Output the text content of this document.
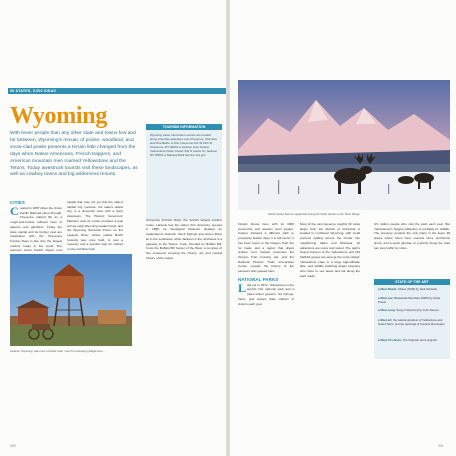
50 STATES, 5,000 IDEAS
Wyoming
With fewer people than any other state and towns few and far between, Wyoming's mosaic of prairie, woodland, and snow-clad peaks presents a terrain little changed from the days when Native Americans, French trappers, and American mountain men roamed Yellowstone and the Tetons. Today awestruck tourists visit these landscapes, as well as cowboy towns and big wilderness resorts.
TOURISM INFORMATION
Wyoming visitor information centers are located along interstate gateways near Cheyenne, Sheridan, and Pine Bluffs. ● Visit Cheyenne 121 W 15th St, Cheyenne, WY 82001 ● Jackson Hole Greater Yellowstone Visitor Center 532 N Cache St, Jackson, WY 83001 ● National Park Service nps.gov
CITIES
C reated in 1867 when the Union Pacific Railroad came through, Cheyenne started life as a rough-and-tumble railroad town of saloons and gamblers. Today the state capital and its frontier past are celebrated with the Cheyenne Frontier Days in late July, the largest outdoor rodeo in the world. The restored Union Pacific Depot now
capital that may not yet visit the state's capital city. Laramie, the state's oldest city, is a university town with a lively downtown. The Historic Governors' Mansion near its center provides a look at how early Wyoming leaders lived, and the Wyoming Territorial Prison on the Laramie River, where outlaw Butch Cassidy was once held, is now a museum and a popular stop for visitors on the old West trail.
Cheyenne Frontier Days, the world's largest outdoor rodeo. Laramie has the state's first university, opened in 1886; its Geological Museum displays an Apatosaurus skeleton. Rock Springs and Green River lie in the southwest, while Jackson in the northwest is a gateway to the Tetons. Cody, founded by Buffalo Bill, hosts the Buffalo Bill Center of the West, a complex of five museums covering the history, art, and natural history of the region.
Laramie, Wyoming, was once a frontier town; now it's a booming college town...
300
Herds moose feed on sagebrush during the harsh winters in the Teton Range.
historic Route lives with its 1908 locomotive and western town square. Casper followed a different path to prosperity. Earlier days, it is rail center; it has been home to the Oregon Trail, the fur trade, and a region that draws visitors. Fort Caspar preserves the Oregon Trail crossing site, and the National Historic Trails Interpretive Center reveals the history of the pioneers who passed here.
NATIONAL PARKS
L aid out in 1872, Yellowstone is the world's first national park and a place where geysers, hot springs, bison, and wolves draw millions of visitors each year.
Most of the vast preserve roughly 60 miles larger than the District of Columbia is located in northwest Wyoming, with small portions spilling across the border into neighboring Idaho and Montana. Its attractions are many and varied. The park's Grand Canyon of the Yellowstone and Old Faithful geyser are among the most visited; Yellowstone Lake is a large high-altitude lake, and wildlife watching draws travelers who hope to see bears and elk along the park roads.
US million people who visit the park each year. But Yellowstone's biggest attraction is probably its wildlife. The preserve remains the only place in the lower 48 states where bison have roamed since prehistoric times, and a quick glimpse of a grizzly along the road can stop traffic for miles.
STATE OF THE ART
● Must-Reads: Shane (1949) by Jack Schaefer
● Must-see: Brokeback Mountain (2005) by Annie Proulx
● Must-song: Song of Wyoming by John Denver
● Must art: the natural grandeur of Yellowstone and Grand Teton, and the paintings of Frederic Remington
● Must-TV-shows: The Virginian and Longmire
301
